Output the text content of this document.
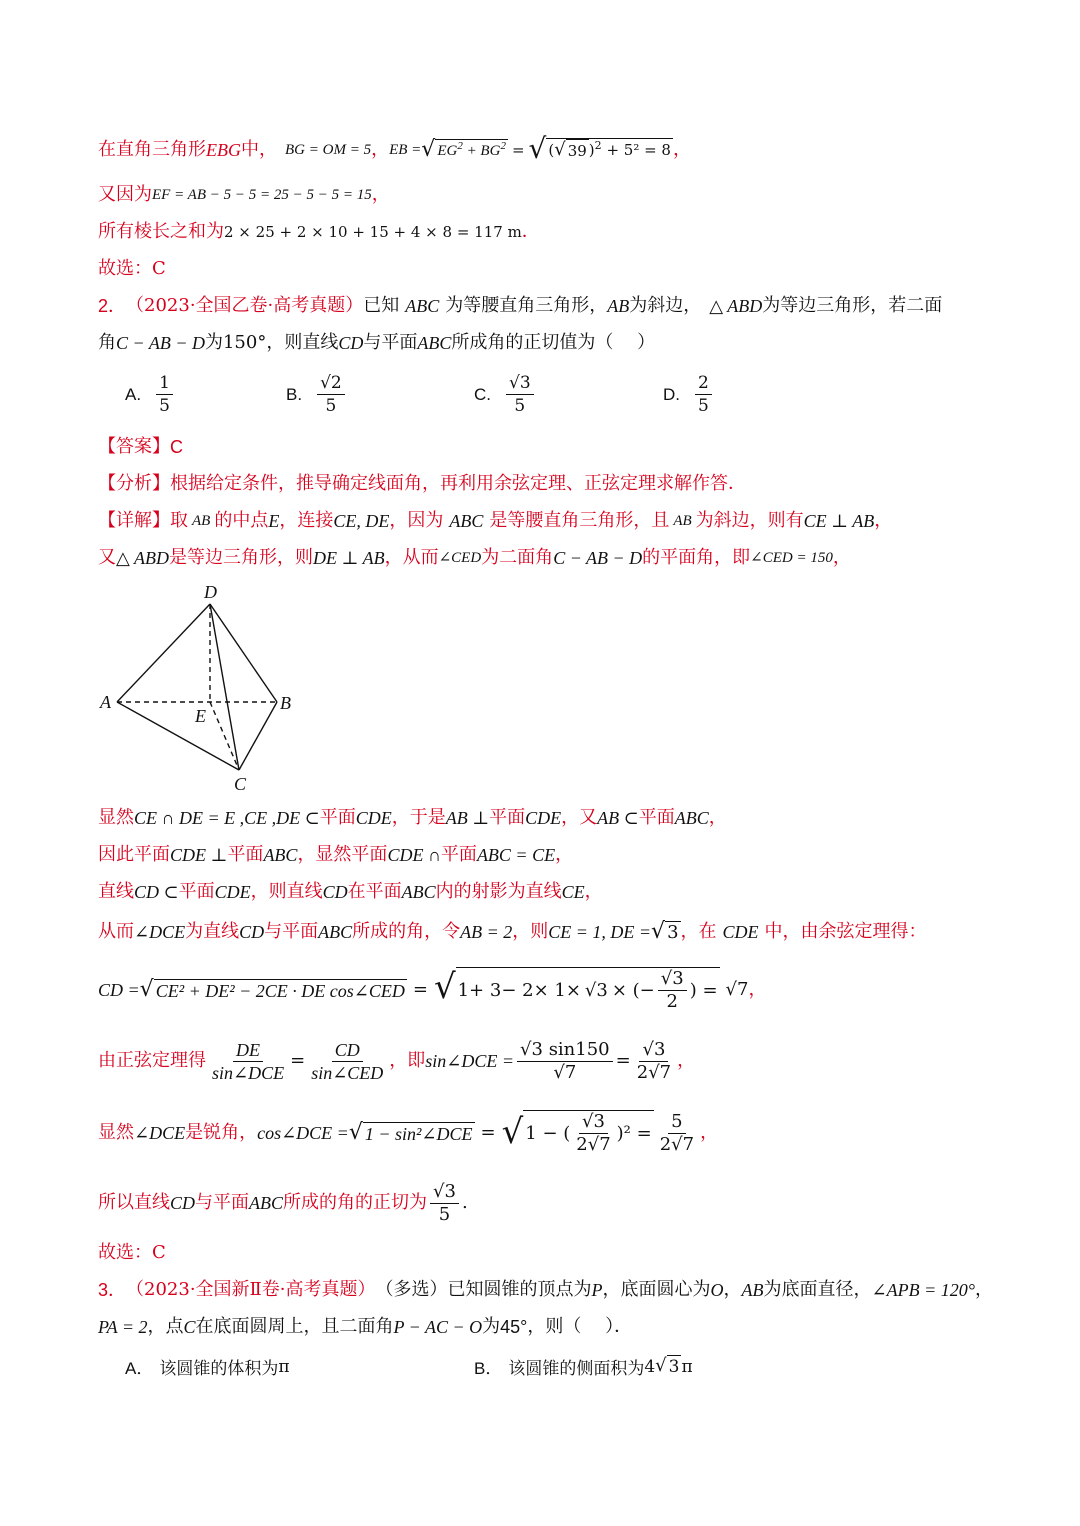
在直角三角形 EBG 中， BG = OM = 5 ， EB = √ $EG^2 + BG^2$ = √ ( √ 39 )$^2$ + 5² = 8 ，
又因为 EF = AB − 5 − 5 = 25 − 5 − 5 = 15 ，
所有棱长之和为 2 × 25 + 2 × 10 + 15 + 4 × 8 = 117 m ．
故选：C
2． （2023·全国乙卷·高考真题） 已知 ABC 为等腰直角三角形， AB 为斜边， △ ABD 为等边三角形，若二面
角 C − AB − D 为 150° ，则直线 CD 与平面 ABC 所成角的正切值为（　 ）
A. $\frac{1}{5}$	B. $\frac{√2}{5}$	C. $\frac{√3}{5}$	D. $\frac{2}{5}$
【答案】 C
【分析】 根据给定条件，推导确定线面角，再利用余弦定理、正弦定理求解作答．
【详解】 取 AB 的中点 E ，连接 CE, DE ，因为 ABC 是等腰直角三角形，且 AB 为斜边，则有 CE ⊥ AB ，
又 △ ABD 是等边三角形，则 DE ⊥ AB ，从而 ∠CED 为二面角 C − AB − D 的平面角，即 ∠CED = 150 ，
D
A	B
E
C
显然 CE ∩ DE = E ,CE ,DE ⊂ 平面 CDE ，于是 AB ⊥ 平面 CDE ，又 AB ⊂ 平面 ABC ，
因此平面 CDE ⊥ 平面 ABC ，显然平面 CDE ∩ 平面 ABC = CE ，
直线 CD ⊂ 平面 CDE ，则直线 CD 在平面 ABC 内的射影为直线 CE ，
从而 ∠DCE 为直线 CD 与平面 ABC 所成的角，令 AB = 2 ，则 CE = 1, DE = √ 3 ，在 CDE 中，由余弦定理得：
CD = √ CE² + DE² − 2CE · DE cos∠CED = √ 1+ 3− 2× 1× √ 3 × (− $\frac{√3}{2}$ ) = √ 7 ，
由正弦定理得 $\frac{DE}{\text{sin∠DCE}} = \frac{CD}{\text{sin∠CED}}$ ，即 sin∠DCE = $\frac{√3 \sin 150}{√7} = \frac{√3}{2√7}$ ，
显然 ∠DCE 是锐角， cos∠DCE = √ 1 − sin²∠DCE = √ 1 − ( $\frac{√3}{2√7} )^2 = \frac{5}{2√7}$ ，
所以直线 CD 与平面 ABC 所成的角的正切为 $\frac{√3}{5}$ .
故选：C
3． （2023·全国新Ⅱ卷·高考真题） （多选）已知圆锥的顶点为 P ，底面圆心为 O ， AB 为底面直径， ∠APB = 120° ，
PA = 2 ，点 C 在底面圆周上，且二面角 P − AC − O 为 45° ，则（　 ）．
A． 该圆锥的体积为 π	B． 该圆锥的侧面积为 4 √ 3 π
